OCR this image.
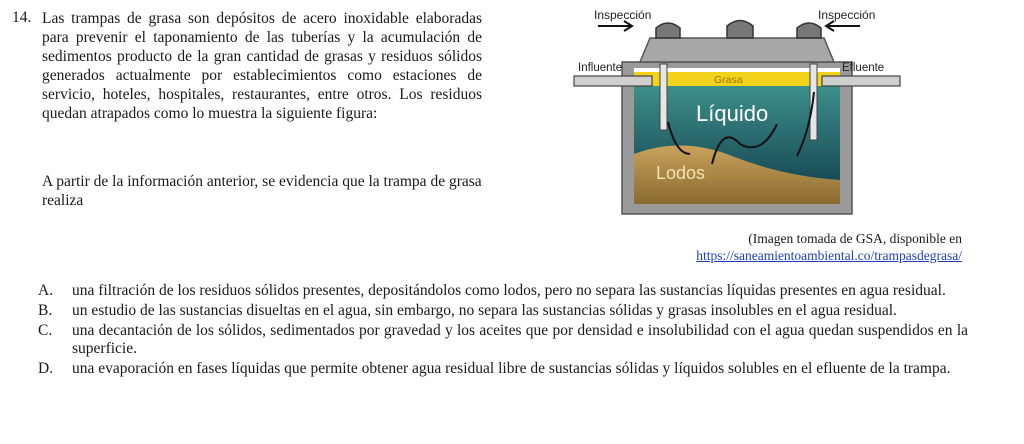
14. Las trampas de grasa son depósitos de acero inoxidable elaboradas para prevenir el taponamiento de las tuberías y la acumulación de sedimentos producto de la gran cantidad de grasas y residuos sólidos generados actualmente por establecimientos como estaciones de servicio, hoteles, hospitales, restaurantes, entre otros. Los residuos quedan atrapados como lo muestra la siguiente figura:
A partir de la información anterior, se evidencia que la trampa de grasa realiza
Inspección	Inspección
Influente	Efluente
Grasa
Líquido
Lodos
(Imagen tomada de GSA, disponible en
https://saneamientoambiental.co/trampasdegrasa/
A.	una filtración de los residuos sólidos presentes, depositándolos como lodos, pero no separa las sustancias líquidas presentes en agua residual.
B.	un estudio de las sustancias disueltas en el agua, sin embargo, no separa las sustancias sólidas y grasas insolubles en el agua residual.
C.	una decantación de los sólidos, sedimentados por gravedad y los aceites que por densidad e insolubilidad con el agua quedan suspendidos en la superficie.
D.	una evaporación en fases líquidas que permite obtener agua residual libre de sustancias sólidas y líquidos solubles en el efluente de la trampa.
